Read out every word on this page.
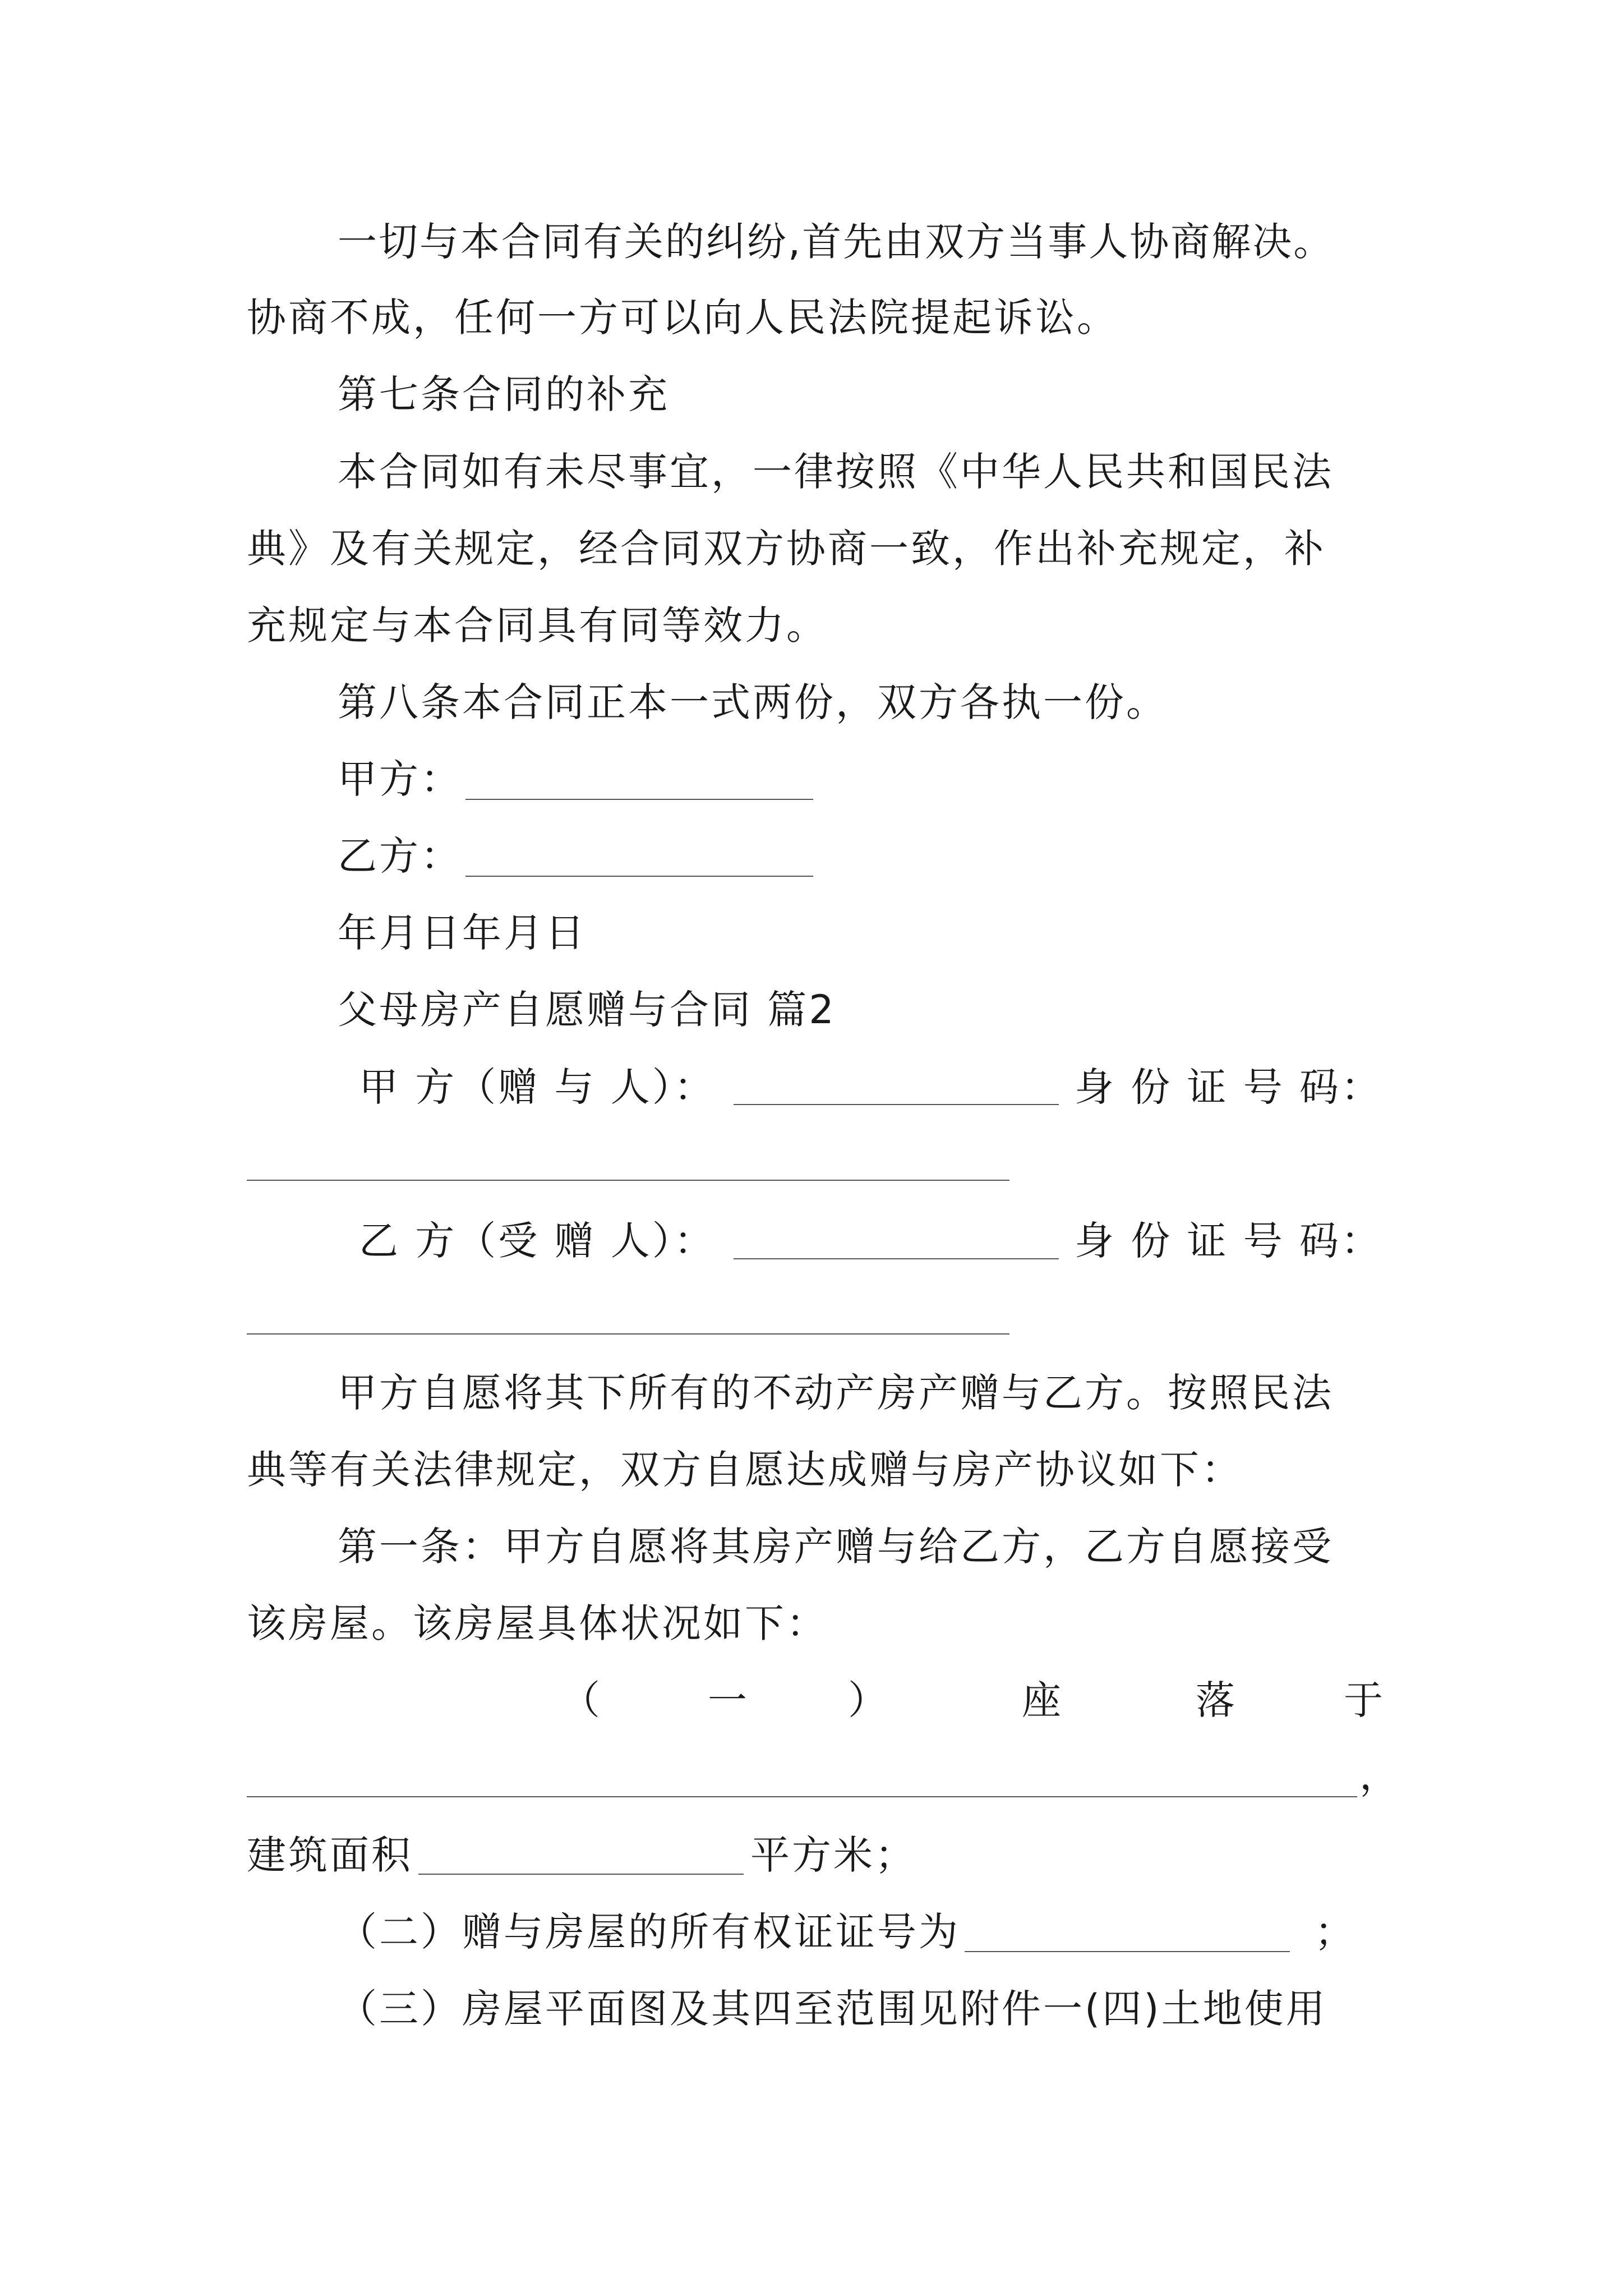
一切与本合同有关的纠纷,首先由双方当事人协商解决。
协商不成，任何一方可以向人民法院提起诉讼。
第七条合同的补充
本合同如有未尽事宜，一律按照《中华人民共和国民法
典》及有关规定，经合同双方协商一致，作出补充规定，补
充规定与本合同具有同等效力。
第八条本合同正本一式两份，双方各执一份。
甲方：
乙方：
年月日年月日
父母房产自愿赠与合同 篇2
甲 方（赠 与 人）：	身 份 证 号 码：
乙 方（受 赠 人）：	身 份 证 号 码：
甲方自愿将其下所有的不动产房产赠与乙方。按照民法
典等有关法律规定，双方自愿达成赠与房产协议如下：
第一条：甲方自愿将其房产赠与给乙方，乙方自愿接受
该房屋。该房屋具体状况如下：
（	一	）	座	落	于
，
建筑面积	平方米；
（二）赠与房屋的所有权证证号为	；
（三）房屋平面图及其四至范围见附件一(四)土地使用
